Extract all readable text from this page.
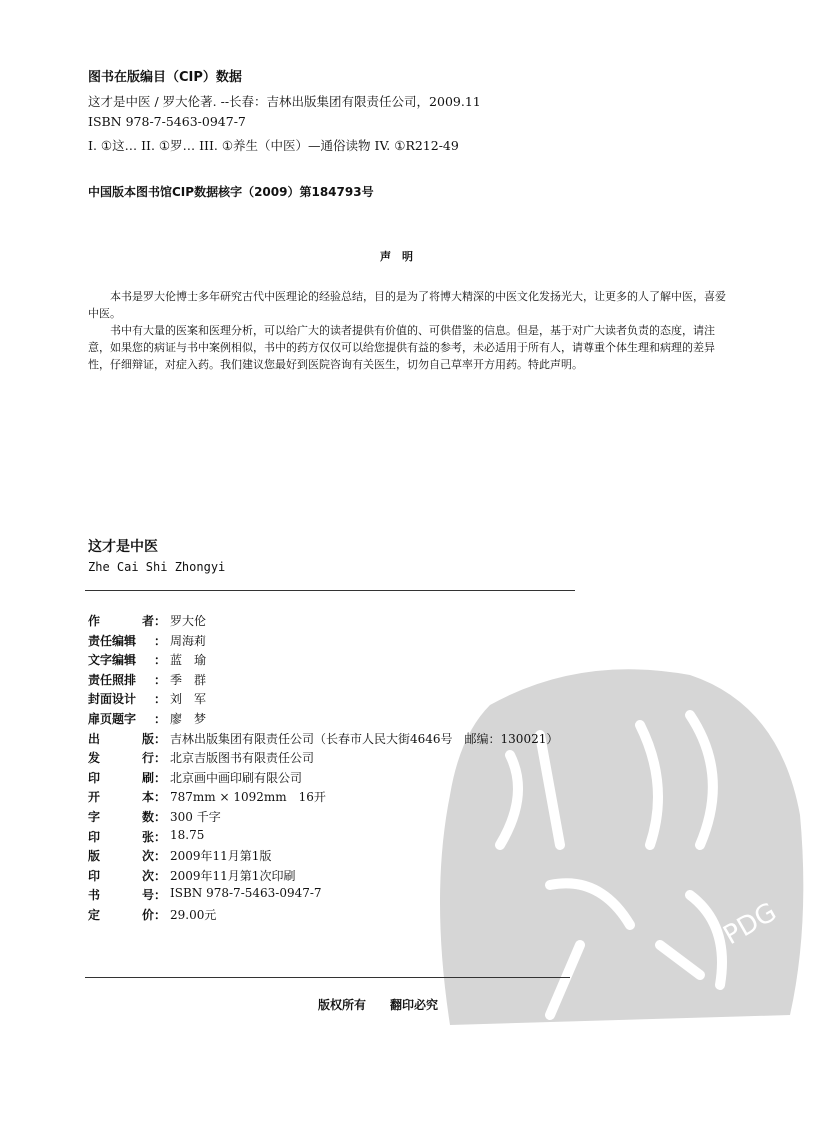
图书在版编目（CIP）数据
这才是中医 / 罗大伦著. --长春：吉林出版集团有限责任公司，2009.11
ISBN 978-7-5463-0947-7
I. ①这… II. ①罗… III. ①养生（中医）—通俗读物 IV. ①R212-49
中国版本图书馆CIP数据核字（2009）第184793号
声　明

本书是罗大伦博士多年研究古代中医理论的经验总结，目的是为了将博大精深的中医文化发扬光大，让更多的人了解中医，喜爱中医。

书中有大量的医案和医理分析，可以给广大的读者提供有价值的、可供借鉴的信息。但是，基于对广大读者负责的态度，请注意，如果您的病证与书中案例相似，书中的药方仅仅可以给您提供有益的参考，未必适用于所有人，请尊重个体生理和病理的差异性，仔细辩证，对症入药。我们建议您最好到医院咨询有关医生，切勿自己草率开方用药。特此声明。

这才是中医
Zhe Cai Shi Zhongyi
PDG
作	者： 罗大伦
责任编辑 ： 周海莉
文字编辑 ： 蓝　瑜
责任照排 ： 季　群
封面设计 ： 刘　军
扉页题字 ： 廖　梦
出	版： 吉林出版集团有限责任公司（长春市人民大街4646号　邮编：130021）
发	行： 北京吉版图书有限责任公司
印	刷： 北京画中画印刷有限公司
开	本： 787mm × 1092mm　16开
字	数： 300 千字
印	张： 18.75
版	次： 2009年11月第1版
印	次： 2009年11月第1次印刷
书	号： ISBN 978-7-5463-0947-7
定	价： 29.00元
版权所有　　翻印必究
